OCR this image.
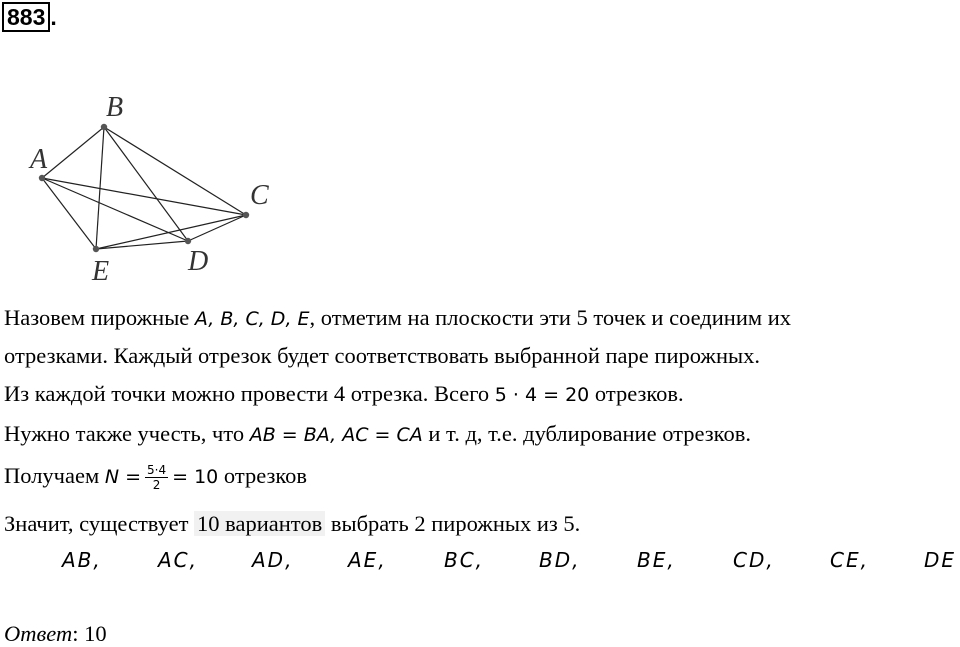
883 .
A
B
C
D
E
Назовем пирожные A, B, C, D, E, отметим на плоскости эти 5 точек и соединим их
отрезками. Каждый отрезок будет соответствовать выбранной паре пирожных.
Из каждой точки можно провести 4 отрезка. Всего 5 · 4 = 20 отрезков.
Нужно также учесть, что AB = BA, AC = CA и т. д, т.е. дублирование отрезков.
Получаем $N = \frac{5\cdot 4}{2} = 10$ отрезков
Значит, существует 10 вариантов выбрать 2 пирожных из 5.
AB,	AC,	AD,	AE,	BC,	BD,	BE,	CD,	CE,	DE
Ответ: 10
